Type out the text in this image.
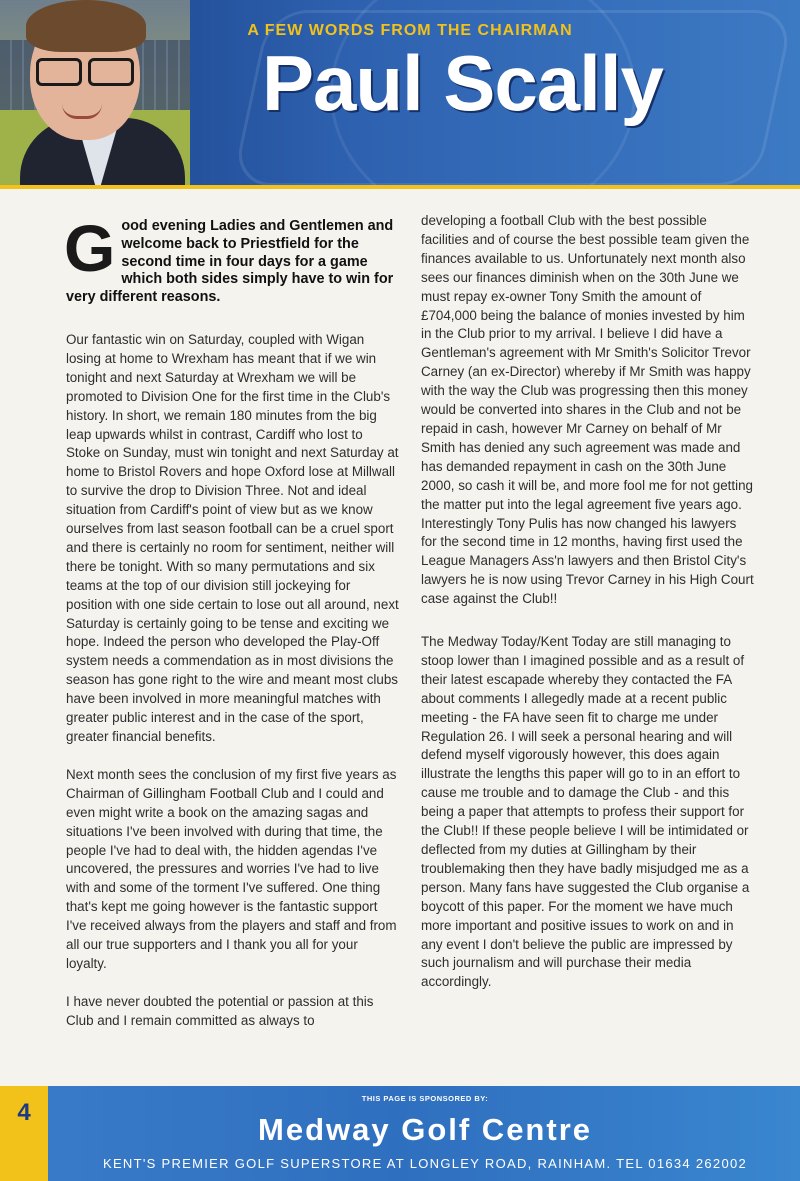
A FEW WORDS FROM THE CHAIRMAN
Paul Scally
Good evening Ladies and Gentlemen and welcome back to Priestfield for the second time in four days for a game which both sides simply have to win for very different reasons.

Our fantastic win on Saturday, coupled with Wigan losing at home to Wrexham has meant that if we win tonight and next Saturday at Wrexham we will be promoted to Division One for the first time in the Club's history. In short, we remain 180 minutes from the big leap upwards whilst in contrast, Cardiff who lost to Stoke on Sunday, must win tonight and next Saturday at home to Bristol Rovers and hope Oxford lose at Millwall to survive the drop to Division Three. Not and ideal situation from Cardiff's point of view but as we know ourselves from last season football can be a cruel sport and there is certainly no room for sentiment, neither will there be tonight. With so many permutations and six teams at the top of our division still jockeying for position with one side certain to lose out all around, next Saturday is certainly going to be tense and exciting we hope. Indeed the person who developed the Play-Off system needs a commendation as in most divisions the season has gone right to the wire and meant most clubs have been involved in more meaningful matches with greater public interest and in the case of the sport, greater financial benefits.

Next month sees the conclusion of my first five years as Chairman of Gillingham Football Club and I could and even might write a book on the amazing sagas and situations I've been involved with during that time, the people I've had to deal with, the hidden agendas I've uncovered, the pressures and worries I've had to live with and some of the torment I've suffered. One thing that's kept me going however is the fantastic support I've received always from the players and staff and from all our true supporters and I thank you all for your loyalty.

I have never doubted the potential or passion at this Club and I remain committed as always to

developing a football Club with the best possible facilities and of course the best possible team given the finances available to us. Unfortunately next month also sees our finances diminish when on the 30th June we must repay ex-owner Tony Smith the amount of £704,000 being the balance of monies invested by him in the Club prior to my arrival. I believe I did have a Gentleman's agreement with Mr Smith's Solicitor Trevor Carney (an ex-Director) whereby if Mr Smith was happy with the way the Club was progressing then this money would be converted into shares in the Club and not be repaid in cash, however Mr Carney on behalf of Mr Smith has denied any such agreement was made and has demanded repayment in cash on the 30th June 2000, so cash it will be, and more fool me for not getting the matter put into the legal agreement five years ago. Interestingly Tony Pulis has now changed his lawyers for the second time in 12 months, having first used the League Managers Ass'n lawyers and then Bristol City's lawyers he is now using Trevor Carney in his High Court case against the Club!!

The Medway Today/Kent Today are still managing to stoop lower than I imagined possible and as a result of their latest escapade whereby they contacted the FA about comments I allegedly made at a recent public meeting - the FA have seen fit to charge me under Regulation 26. I will seek a personal hearing and will defend myself vigorously however, this does again illustrate the lengths this paper will go to in an effort to cause me trouble and to damage the Club - and this being a paper that attempts to profess their support for the Club!! If these people believe I will be intimidated or deflected from my duties at Gillingham by their troublemaking then they have badly misjudged me as a person. Many fans have suggested the Club organise a boycott of this paper. For the moment we have much more important and positive issues to work on and in any event I don't believe the public are impressed by such journalism and will purchase their media accordingly.

4
THIS PAGE IS SPONSORED BY:
Medway Golf Centre
KENT'S PREMIER GOLF SUPERSTORE AT LONGLEY ROAD, RAINHAM. TEL 01634 262002
